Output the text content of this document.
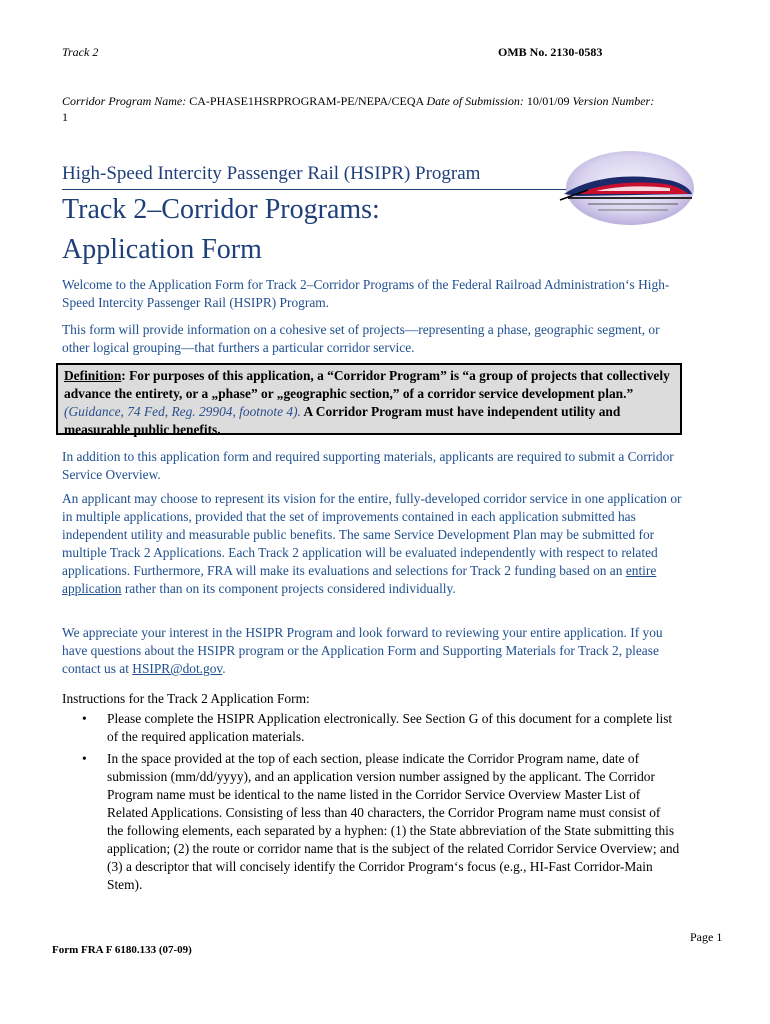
Track 2	OMB No. 2130-0583
Corridor Program Name: CA-PHASE1HSRPROGRAM-PE/NEPA/CEQA Date of Submission: 10/01/09 Version Number: 1
High-Speed Intercity Passenger Rail (HSIPR) Program
Track 2–Corridor Programs:
Application Form
Welcome to the Application Form for Track 2–Corridor Programs of the Federal Railroad Administration‘s High-Speed Intercity Passenger Rail (HSIPR) Program.
This form will provide information on a cohesive set of projects—representing a phase, geographic segment, or other logical grouping—that furthers a particular corridor service.
Definition: For purposes of this application, a “Corridor Program” is “a group of projects that collectively advance the entirety, or a „phase” or „geographic section,” of a corridor service development plan.” (Guidance, 74 Fed, Reg. 29904, footnote 4). A Corridor Program must have independent utility and measurable public benefits.
In addition to this application form and required supporting materials, applicants are required to submit a Corridor Service Overview.
An applicant may choose to represent its vision for the entire, fully-developed corridor service in one application or in multiple applications, provided that the set of improvements contained in each application submitted has independent utility and measurable public benefits. The same Service Development Plan may be submitted for multiple Track 2 Applications. Each Track 2 application will be evaluated independently with respect to related applications. Furthermore, FRA will make its evaluations and selections for Track 2 funding based on an entire application rather than on its component projects considered individually.
We appreciate your interest in the HSIPR Program and look forward to reviewing your entire application. If you have questions about the HSIPR program or the Application Form and Supporting Materials for Track 2, please contact us at HSIPR@dot.gov.
Instructions for the Track 2 Application Form:
• Please complete the HSIPR Application electronically. See Section G of this document for a complete list of the required application materials.
• In the space provided at the top of each section, please indicate the Corridor Program name, date of submission (mm/dd/yyyy), and an application version number assigned by the applicant. The Corridor Program name must be identical to the name listed in the Corridor Service Overview Master List of Related Applications. Consisting of less than 40 characters, the Corridor Program name must consist of the following elements, each separated by a hyphen: (1) the State abbreviation of the State submitting this application; (2) the route or corridor name that is the subject of the related Corridor Service Overview; and (3) a descriptor that will concisely identify the Corridor Program‘s focus (e.g., HI-Fast Corridor-Main Stem).
Page 1
Form FRA F 6180.133 (07-09)
